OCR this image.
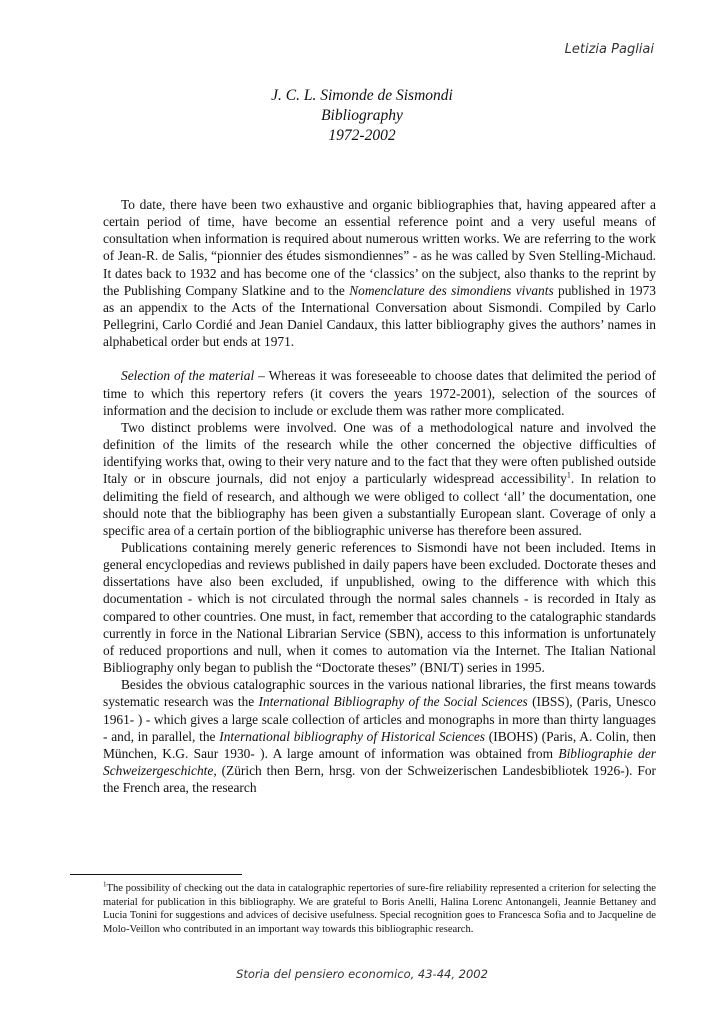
Letizia Pagliai
J. C. L. Simonde de Sismondi
Bibliography
1972-2002

To date, there have been two exhaustive and organic bibliographies that, having appeared after a certain period of time, have become an essential reference point and a very useful means of consultation when information is required about numerous written works. We are referring to the work of Jean-R. de Salis, “pionnier des études sismondiennes” - as he was called by Sven Stelling-Michaud. It dates back to 1932 and has become one of the ‘classics’ on the subject, also thanks to the reprint by the Publishing Company Slatkine and to the Nomenclature des simondiens vivants published in 1973 as an appendix to the Acts of the International Conversation about Sismondi. Compiled by Carlo Pellegrini, Carlo Cordié and Jean Daniel Candaux, this latter bibliography gives the authors’ names in alphabetical order but ends at 1971.

Selection of the material – Whereas it was foreseeable to choose dates that delimited the period of time to which this repertory refers (it covers the years 1972-2001), selection of the sources of information and the decision to include or exclude them was rather more complicated.

Two distinct problems were involved. One was of a methodological nature and involved the definition of the limits of the research while the other concerned the objective difficulties of identifying works that, owing to their very nature and to the fact that they were often published outside Italy or in obscure journals, did not enjoy a particularly widespread accessibility$^1$. In relation to delimiting the field of research, and although we were obliged to collect ‘all’ the documentation, one should note that the bibliography has been given a substantially European slant. Coverage of only a specific area of a certain portion of the bibliographic universe has therefore been assured.

Publications containing merely generic references to Sismondi have not been included. Items in general encyclopedias and reviews published in daily papers have been excluded. Doctorate theses and dissertations have also been excluded, if unpublished, owing to the difference with which this documentation - which is not circulated through the normal sales channels - is recorded in Italy as compared to other countries. One must, in fact, remember that according to the catalographic standards currently in force in the National Librarian Service (SBN), access to this information is unfortunately of reduced proportions and null, when it comes to automation via the Internet. The Italian National Bibliography only began to publish the “Doctorate theses” (BNI/T) series in 1995.

Besides the obvious catalographic sources in the various national libraries, the first means towards systematic research was the International Bibliography of the Social Sciences (IBSS), (Paris, Unesco 1961- ) - which gives a large scale collection of articles and monographs in more than thirty languages - and, in parallel, the International bibliography of Historical Sciences (IBOHS) (Paris, A. Colin, then München, K.G. Saur 1930- ). A large amount of information was obtained from Bibliographie der Schweizergeschichte, (Zürich then Bern, hrsg. von der Schweizerischen Landesbibliotek 1926-). For the French area, the research

$^1$The possibility of checking out the data in catalographic repertories of sure-fire reliability represented a criterion for selecting the material for publication in this bibliography. We are grateful to Boris Anelli, Halina Lorenc Antonangeli, Jeannie Bettaney and Lucia Tonini for suggestions and advices of decisive usefulness. Special recognition goes to Francesca Sofia and to Jacqueline de Molo-Veillon who contributed in an important way towards this bibliographic research.

Storia del pensiero economico, 43-44, 2002
